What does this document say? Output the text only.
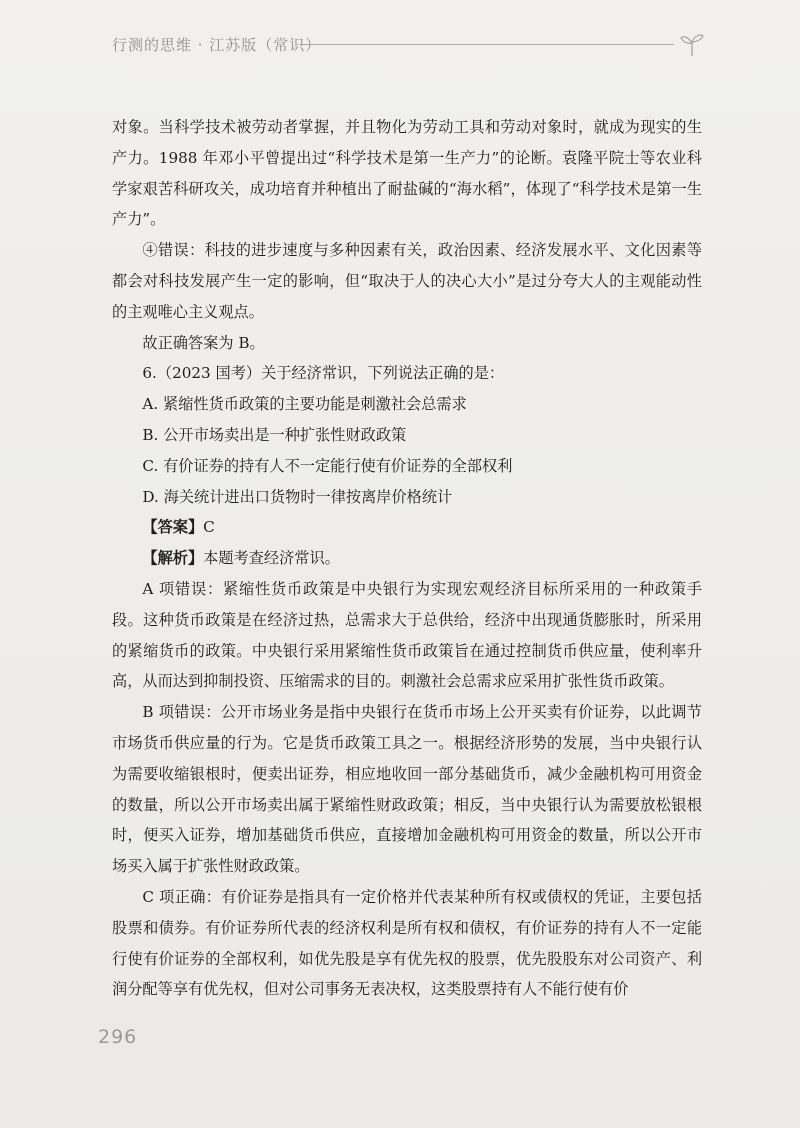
行测的思维 · 江苏版（常识）

对象。当科学技术被劳动者掌握，并且物化为劳动工具和劳动对象时，就成为现实的生产力。1988 年邓小平曾提出过“科学技术是第一生产力”的论断。袁隆平院士等农业科学家艰苦科研攻关，成功培育并种植出了耐盐碱的“海水稻”，体现了“科学技术是第一生产力”。

④错误：科技的进步速度与多种因素有关，政治因素、经济发展水平、文化因素等都会对科技发展产生一定的影响，但“取决于人的决心大小”是过分夸大人的主观能动性的主观唯心主义观点。

故正确答案为 B。

6.（2023 国考）关于经济常识，下列说法正确的是：

A. 紧缩性货币政策的主要功能是刺激社会总需求

B. 公开市场卖出是一种扩张性财政政策

C. 有价证券的持有人不一定能行使有价证券的全部权利

D. 海关统计进出口货物时一律按离岸价格统计

【答案】C

【解析】本题考查经济常识。

A 项错误：紧缩性货币政策是中央银行为实现宏观经济目标所采用的一种政策手段。这种货币政策是在经济过热，总需求大于总供给，经济中出现通货膨胀时，所采用的紧缩货币的政策。中央银行采用紧缩性货币政策旨在通过控制货币供应量，使利率升高，从而达到抑制投资、压缩需求的目的。刺激社会总需求应采用扩张性货币政策。

B 项错误：公开市场业务是指中央银行在货币市场上公开买卖有价证券，以此调节市场货币供应量的行为。它是货币政策工具之一。根据经济形势的发展，当中央银行认为需要收缩银根时，便卖出证券，相应地收回一部分基础货币，减少金融机构可用资金的数量，所以公开市场卖出属于紧缩性财政政策；相反，当中央银行认为需要放松银根时，便买入证券，增加基础货币供应，直接增加金融机构可用资金的数量，所以公开市场买入属于扩张性财政政策。

C 项正确：有价证券是指具有一定价格并代表某种所有权或债权的凭证，主要包括股票和债券。有价证券所代表的经济权利是所有权和债权，有价证券的持有人不一定能行使有价证券的全部权利，如优先股是享有优先权的股票，优先股股东对公司资产、利润分配等享有优先权，但对公司事务无表决权，这类股票持有人不能行使有价

296
